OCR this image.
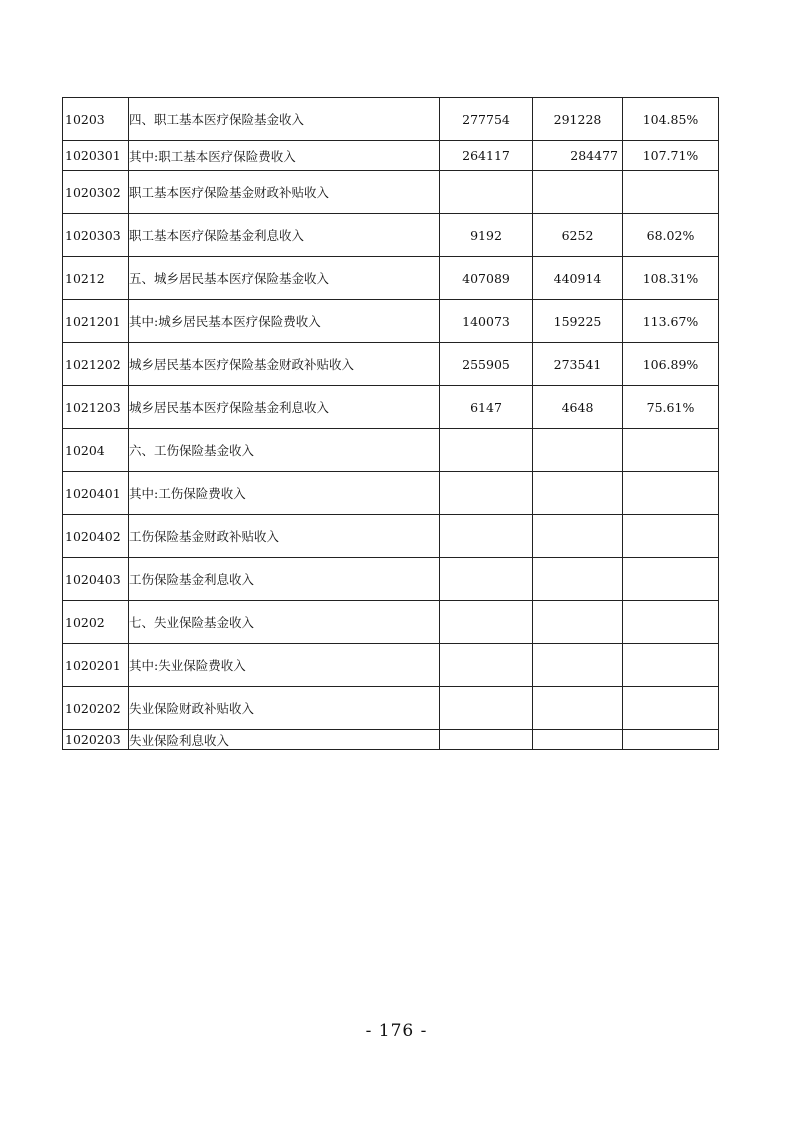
10203	四、职工基本医疗保险基金收入	277754	291228	104.85%
1020301	其中:职工基本医疗保险费收入	264117	284477	107.71%
1020302	职工基本医疗保险基金财政补贴收入			
1020303	职工基本医疗保险基金利息收入	9192	6252	68.02%
10212	五、城乡居民基本医疗保险基金收入	407089	440914	108.31%
1021201	其中:城乡居民基本医疗保险费收入	140073	159225	113.67%
1021202	城乡居民基本医疗保险基金财政补贴收入	255905	273541	106.89%
1021203	城乡居民基本医疗保险基金利息收入	6147	4648	75.61%
10204	六、工伤保险基金收入			
1020401	其中:工伤保险费收入			
1020402	工伤保险基金财政补贴收入			
1020403	工伤保险基金利息收入			
10202	七、失业保险基金收入			
1020201	其中:失业保险费收入			
1020202	失业保险财政补贴收入			
1020203	失业保险利息收入			
- 176 -
